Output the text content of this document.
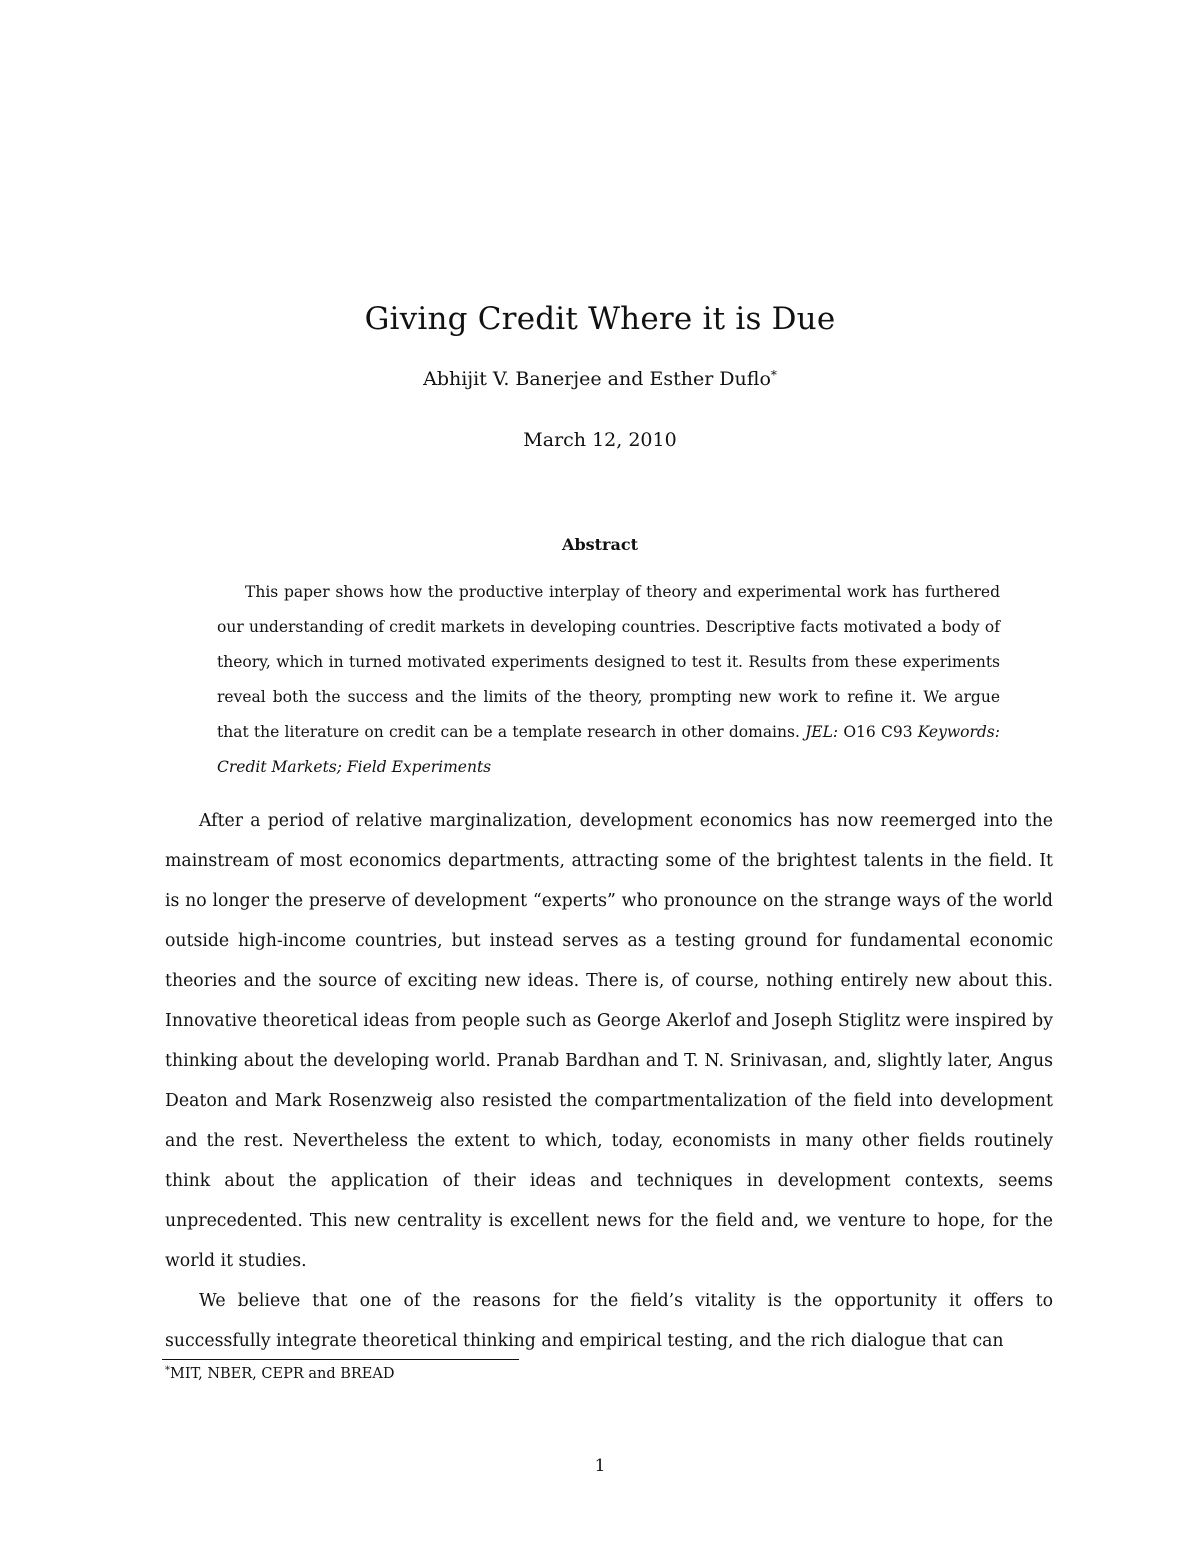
Giving Credit Where it is Due
Abhijit V. Banerjee and Esther Duflo*
March 12, 2010
Abstract

This paper shows how the productive interplay of theory and experimental work has furthered our understanding of credit markets in developing countries. Descriptive facts motivated a body of theory, which in turned motivated experiments designed to test it. Results from these experiments reveal both the success and the limits of the theory, prompting new work to refine it. We argue that the literature on credit can be a template research in other domains. JEL: O16 C93 Keywords: Credit Markets; Field Experiments

After a period of relative marginalization, development economics has now reemerged into the mainstream of most economics departments, attracting some of the brightest talents in the field. It is no longer the preserve of development “experts” who pronounce on the strange ways of the world outside high-income countries, but instead serves as a testing ground for fundamental economic theories and the source of exciting new ideas. There is, of course, nothing entirely new about this. Innovative theoretical ideas from people such as George Akerlof and Joseph Stiglitz were inspired by thinking about the developing world. Pranab Bardhan and T. N. Srinivasan, and, slightly later, Angus Deaton and Mark Rosenzweig also resisted the compartmentalization of the field into development and the rest. Nevertheless the extent to which, today, economists in many other fields routinely think about the application of their ideas and techniques in development contexts, seems unprecedented. This new centrality is excellent news for the field and, we venture to hope, for the world it studies.

We believe that one of the reasons for the field’s vitality is the opportunity it offers to successfully integrate theoretical thinking and empirical testing, and the rich dialogue that can

*MIT, NBER, CEPR and BREAD
1
